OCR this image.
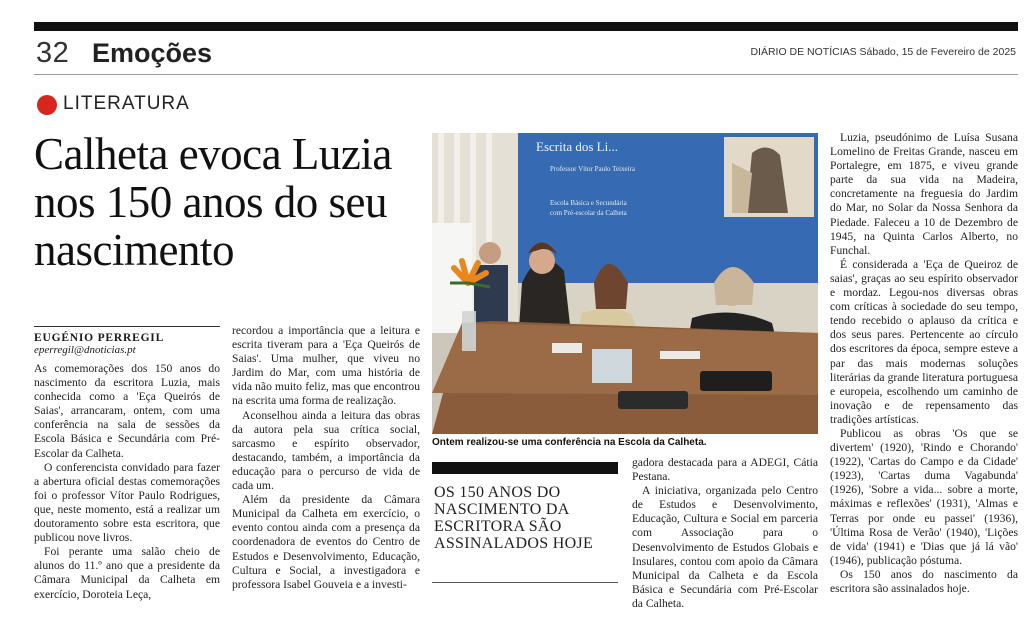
32 Emoções	DIÁRIO DE NOTÍCIAS Sábado, 15 de Fevereiro de 2025
LITERATURA
Calheta evoca Luzia nos 150 anos do seu nascimento
EUGÉNIO PERREGIL
eperregil@dnoticias.pt

As comemorações dos 150 anos do nascimento da escritora Luzia, mais conhecida como a 'Eça Queirós de Saias', arrancaram, ontem, com uma conferência na sala de sessões da Escola Básica e Secundária com Pré-Escolar da Calheta.

O conferencista convidado para fazer a abertura oficial destas comemorações foi o professor Vítor Paulo Rodrigues, que, neste momento, está a realizar um doutoramento sobre esta escritora, que publicou nove livros.

Foi perante uma salão cheio de alunos do 11.º ano que a presidente da Câmara Municipal da Calheta em exercício, Doroteia Leça,

recordou a importância que a leitura e escrita tiveram para a 'Eça Queirós de Saias'. Uma mulher, que viveu no Jardim do Mar, com uma história de vida não muito feliz, mas que encontrou na escrita uma forma de realização.

Aconselhou ainda a leitura das obras da autora pela sua crítica social, sarcasmo e espírito observador, destacando, também, a importância da educação para o percurso de vida de cada um.

Além da presidente da Câmara Municipal da Calheta em exercício, o evento contou ainda com a presença da coordenadora de eventos do Centro de Estudos e Desenvolvimento, Educação, Cultura e Social, a investigadora e professora Isabel Gouveia e a investi-

Escrita dos Li...
Professor Vítor Paulo Teixeira
Escola Básica e Secundária
com Pré-escolar da Calheta
Ontem realizou-se uma conferência na Escola da Calheta.
OS 150 ANOS DO NASCIMENTO DA ESCRITORA SÃO ASSINALADOS HOJE

gadora destacada para a ADEGI, Cátia Pestana.

A iniciativa, organizada pelo Centro de Estudos e Desenvolvimento, Educação, Cultura e Social em parceria com Associação para o Desenvolvimento de Estudos Globais e Insulares, contou com apoio da Câmara Municipal da Calheta e da Escola Básica e Secundária com Pré-Escolar da Calheta.

Luzia, pseudónimo de Luísa Susana Lomelino de Freitas Grande, nasceu em Portalegre, em 1875, e viveu grande parte da sua vida na Madeira, concretamente na freguesia do Jardim do Mar, no Solar da Nossa Senhora da Piedade. Faleceu a 10 de Dezembro de 1945, na Quinta Carlos Alberto, no Funchal.

É considerada a 'Eça de Queiroz de saias', graças ao seu espírito observador e mordaz. Legou-nos diversas obras com críticas à sociedade do seu tempo, tendo recebido o aplauso da crítica e dos seus pares. Pertencente ao círculo dos escritores da época, sempre esteve a par das mais modernas soluções literárias da grande literatura portuguesa e europeia, escolhendo um caminho de inovação e de repensamento das tradições artísticas.

Publicou as obras 'Os que se divertem' (1920), 'Rindo e Chorando' (1922), 'Cartas do Campo e da Cidade' (1923), 'Cartas duma Vagabunda' (1926), 'Sobre a vida... sobre a morte, máximas e reflexões' (1931), 'Almas e Terras por onde eu passei' (1936), 'Última Rosa de Verão' (1940), 'Lições de vida' (1941) e 'Dias que já lá vão' (1946), publicação póstuma.

Os 150 anos do nascimento da escritora são assinalados hoje.
